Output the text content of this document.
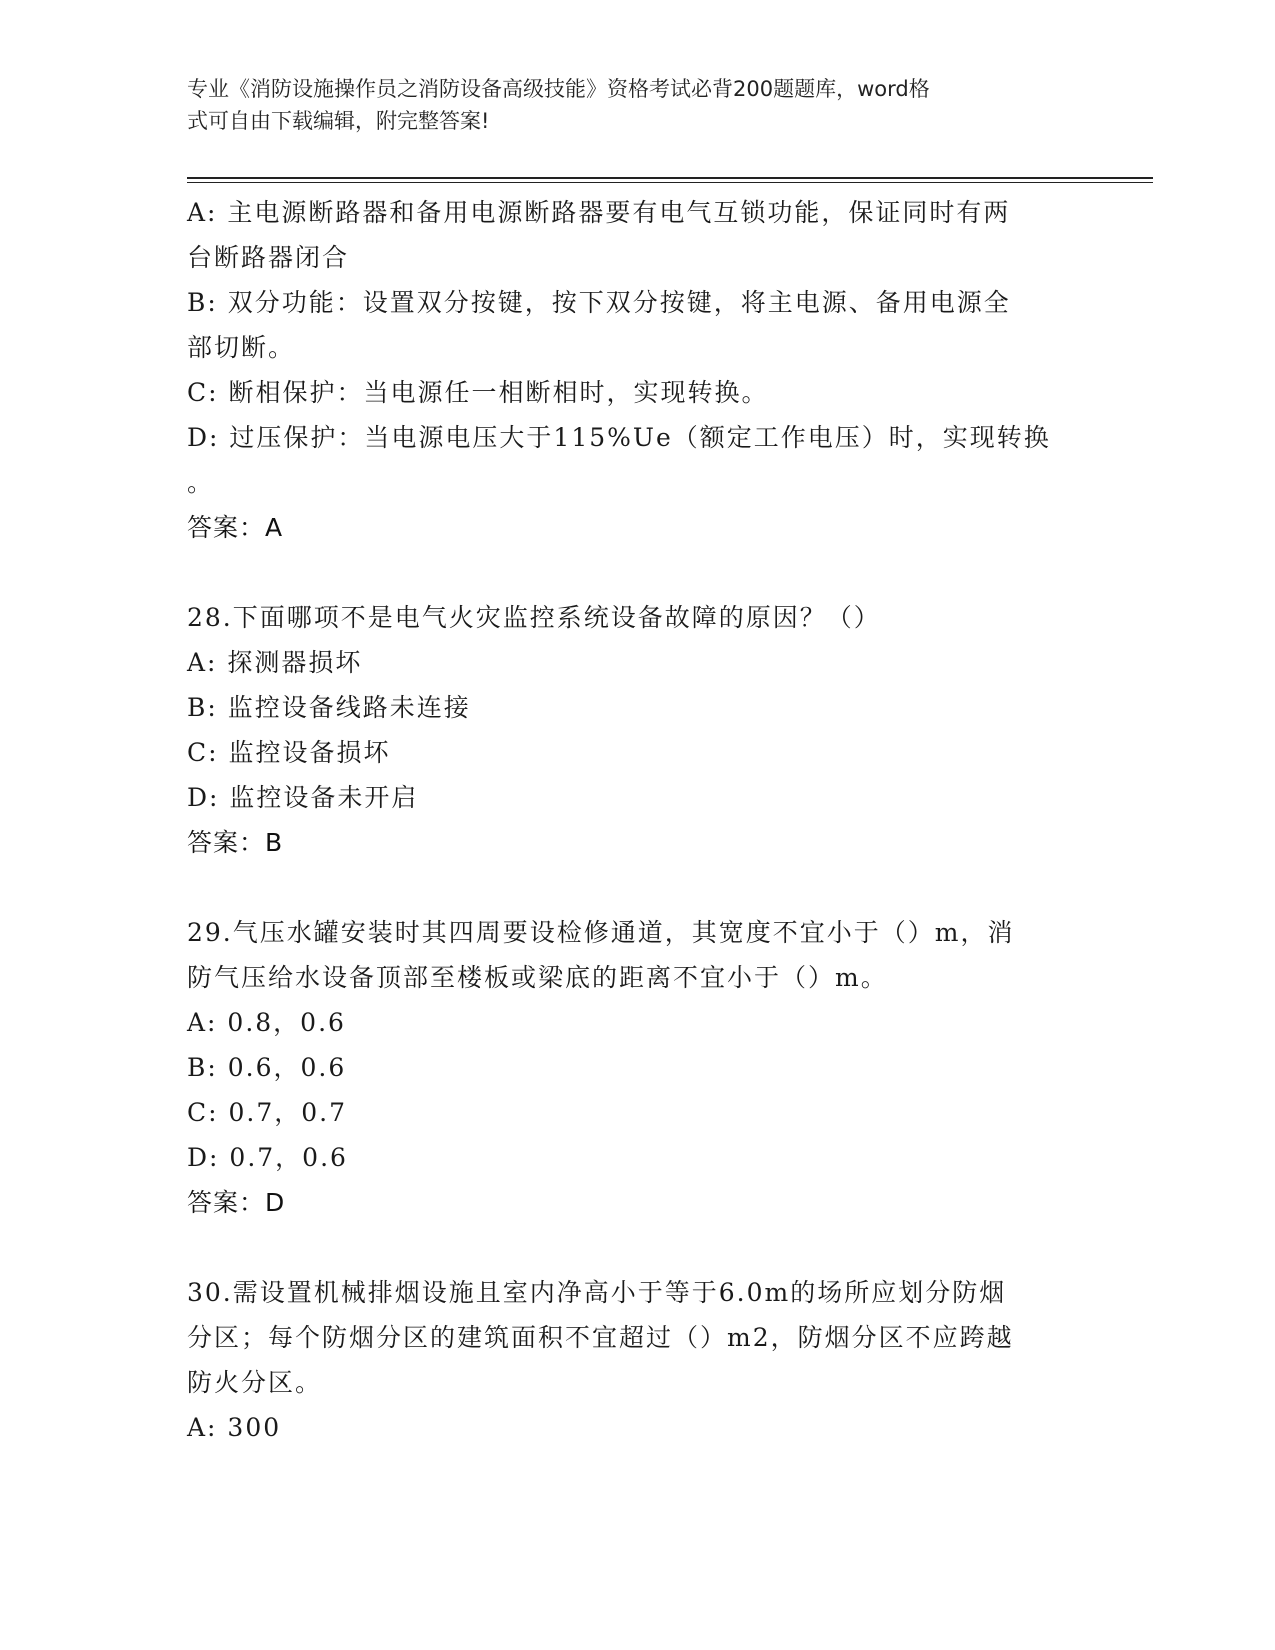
专业《消防设施操作员之消防设备高级技能》资格考试必背200题题库，word格
式可自由下载编辑，附完整答案!
A: 主电源断路器和备用电源断路器要有电气互锁功能，保证同时有两
台断路器闭合
B: 双分功能：设置双分按键，按下双分按键，将主电源、备用电源全
部切断。
C: 断相保护：当电源任一相断相时，实现转换。
D: 过压保护：当电源电压大于115%Ue（额定工作电压）时，实现转换
。
答案：A
28.下面哪项不是电气火灾监控系统设备故障的原因？（）
A: 探测器损坏
B: 监控设备线路未连接
C: 监控设备损坏
D: 监控设备未开启
答案：B
29.气压水罐安装时其四周要设检修通道，其宽度不宜小于（）m，消
防气压给水设备顶部至楼板或梁底的距离不宜小于（）m。
A: 0.8，0.6
B: 0.6，0.6
C: 0.7，0.7
D: 0.7，0.6
答案：D
30.需设置机械排烟设施且室内净高小于等于6.0m的场所应划分防烟
分区；每个防烟分区的建筑面积不宜超过（）m2，防烟分区不应跨越
防火分区。
A: 300
